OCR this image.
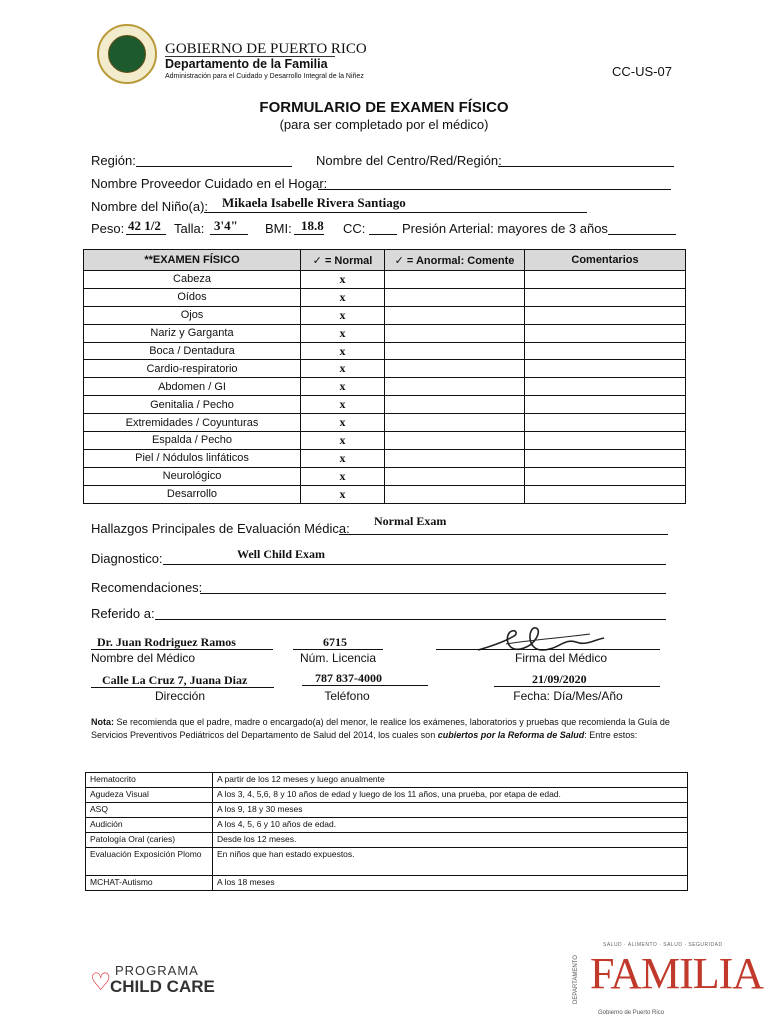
GOBIERNO DE PUERTO RICO
Departamento de la Familia
Administración para el Cuidado y Desarrollo Integral de la Niñez	CC-US-07
FORMULARIO DE EXAMEN FÍSICO
(para ser completado por el médico)
Región:	Nombre del Centro/Red/Región:
Nombre Proveedor Cuidado en el Hogar:
Nombre del Niño(a): Mikaela Isabelle Rivera Santiago
Peso: 42 1/2 Talla: 3'4" BMI: 18.8 CC:	Presión Arterial: mayores de 3 años
**EXAMEN FÍSICO	✓ = Normal	✓ = Anormal: Comente	Comentarios
Cabeza	x		
Oídos	x		
Ojos	x		
Nariz y Garganta	x		
Boca / Dentadura	x		
Cardio-respiratorio	x		
Abdomen / GI	x		
Genitalia / Pecho	x		
Extremidades / Coyunturas	x		
Espalda / Pecho	x		
Piel / Nódulos linfáticos	x		
Neurológico	x		
Desarrollo	x		
Hallazgos Principales de Evaluación Médica: Normal Exam
Diagnostico:	Well Child Exam
Recomendaciones:
Referido a:
Dr. Juan Rodriguez Ramos
Nombre del Médico
6715
Núm. Licencia	Firma del Médico
Calle La Cruz 7, Juana Diaz
Dirección
787 837-4000
Teléfono
21/09/2020
Fecha: Día/Mes/Año
Nota: Se recomienda que el padre, madre o encargado(a) del menor, le realice los exámenes, laboratorios y pruebas que recomienda la Guía de Servicios Preventivos Pediátricos del Departamento de Salud del 2014, los cuales son cubiertos por la Reforma de Salud: Entre estos:
Hematocrito	A partir de los 12 meses y luego anualmente
Agudeza Visual	A los 3, 4, 5,6, 8 y 10 años de edad y luego de los 11 años, una prueba, por etapa de edad.
ASQ	A los 9, 18 y 30 meses
Audición	A los 4, 5, 6 y 10 años de edad.
Patología Oral (caries)	Desde los 12 meses.
Evaluación Exposición Plomo	En niños que han estado expuestos.
MCHAT-Autismo	A los 18 meses
♡ PROGRAMA
CHILD CARE
SALUD · ALIMENTO · SALUD · SEGURIDAD
DEPARTAMENTO FAMILIA
Gobierno de Puerto Rico
